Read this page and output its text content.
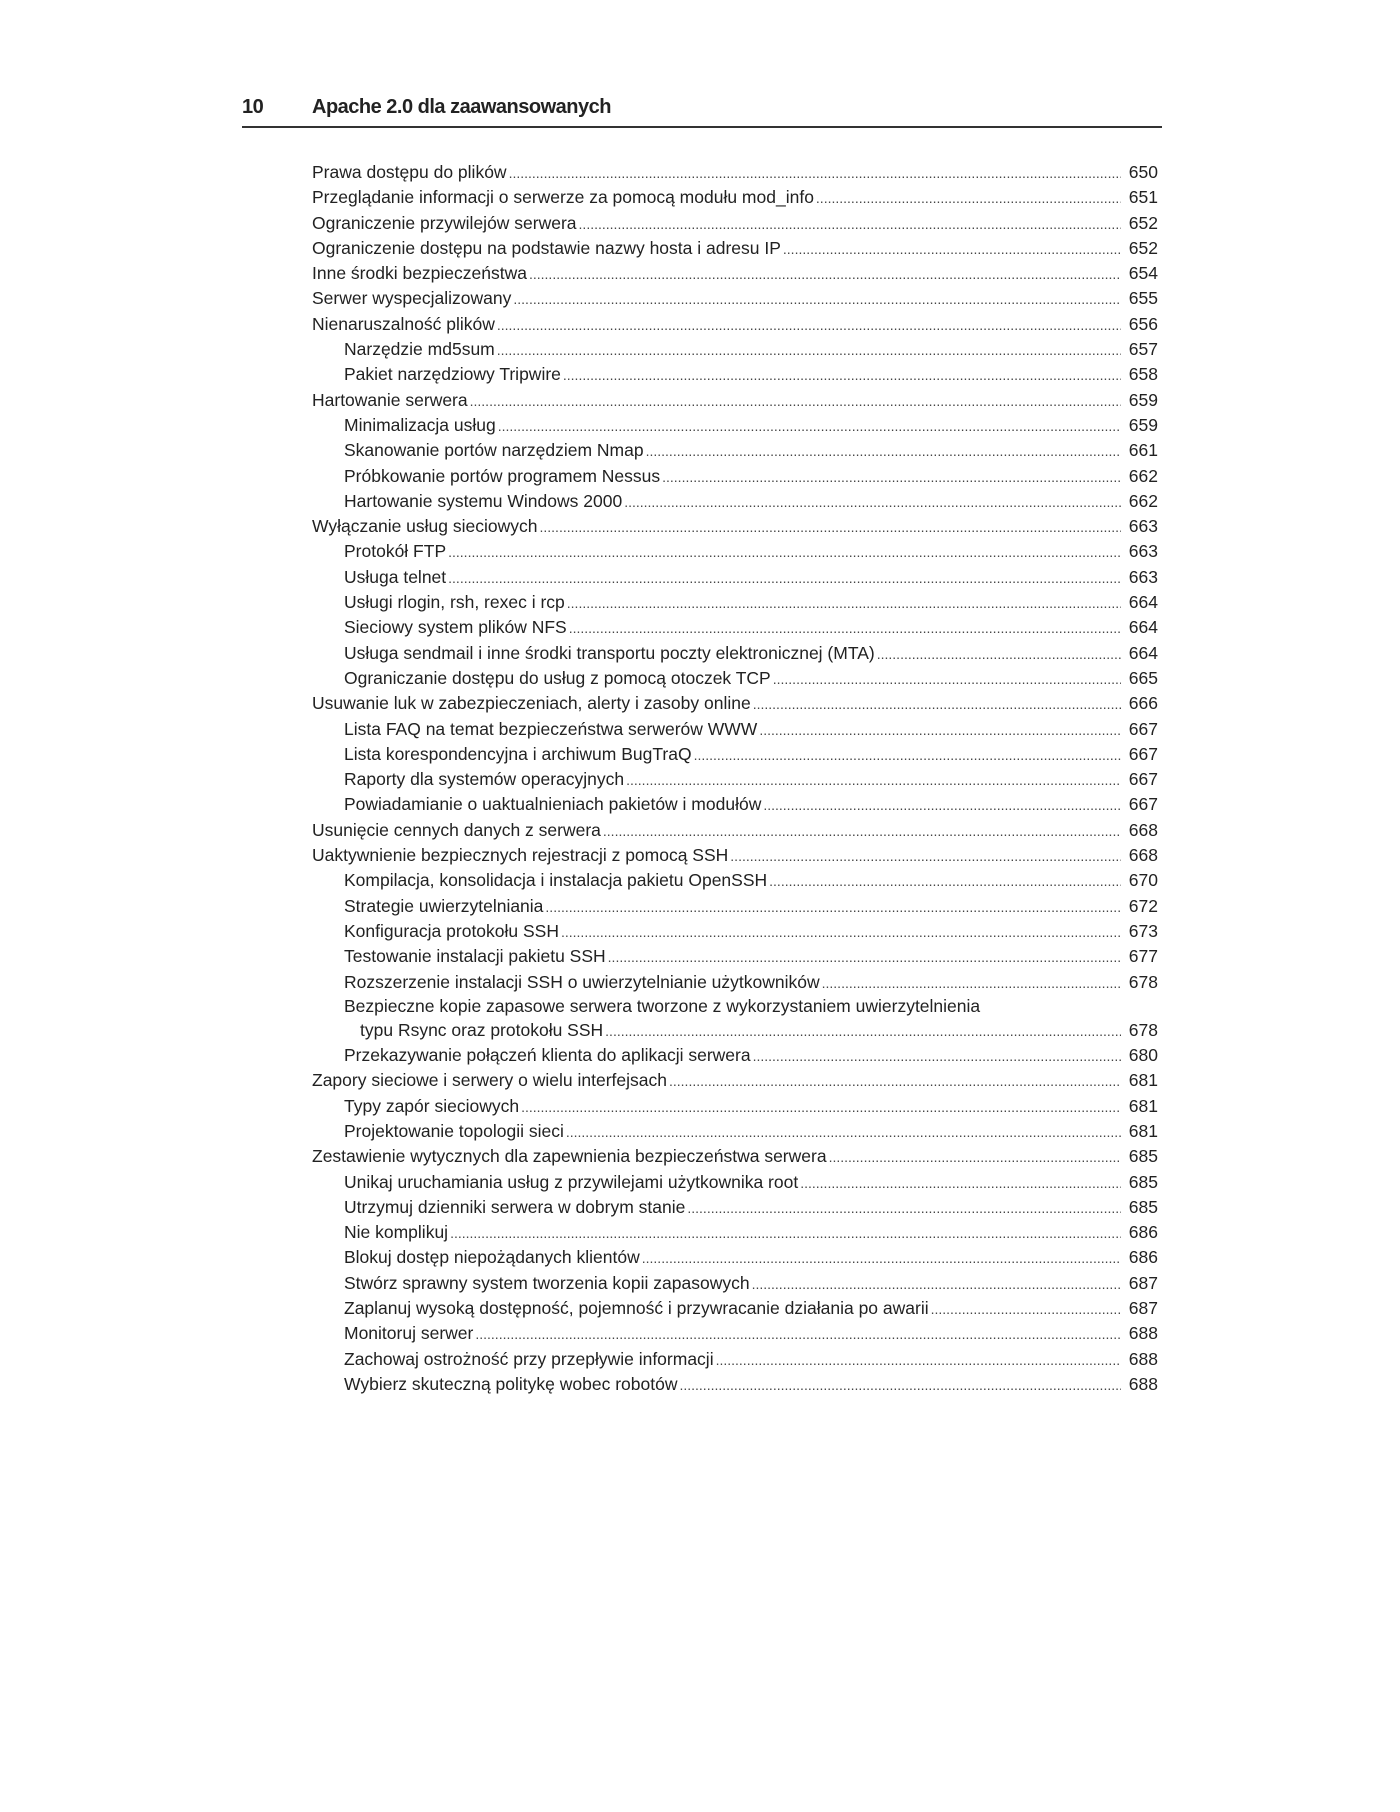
10 Apache 2.0 dla zaawansowanych
Prawa dostępu do plików .....	650
Przeglądanie informacji o serwerze za pomocą modułu mod_info .....	651
Ograniczenie przywilejów serwera .....	652
Ograniczenie dostępu na podstawie nazwy hosta i adresu IP .....	652
Inne środki bezpieczeństwa .....	654
Serwer wyspecjalizowany .....	655
Nienaruszalność plików .....	656
Narzędzie md5sum .....	657
Pakiet narzędziowy Tripwire .....	658
Hartowanie serwera .....	659
Minimalizacja usług .....	659
Skanowanie portów narzędziem Nmap .....	661
Próbkowanie portów programem Nessus .....	662
Hartowanie systemu Windows 2000 .....	662
Wyłączanie usług sieciowych .....	663
Protokół FTP .....	663
Usługa telnet .....	663
Usługi rlogin, rsh, rexec i rcp .....	664
Sieciowy system plików NFS .....	664
Usługa sendmail i inne środki transportu poczty elektronicznej (MTA) .....	664
Ograniczanie dostępu do usług z pomocą otoczek TCP .....	665
Usuwanie luk w zabezpieczeniach, alerty i zasoby online .....	666
Lista FAQ na temat bezpieczeństwa serwerów WWW .....	667
Lista korespondencyjna i archiwum BugTraQ .....	667
Raporty dla systemów operacyjnych .....	667
Powiadamianie o uaktualnieniach pakietów i modułów .....	667
Usunięcie cennych danych z serwera .....	668
Uaktywnienie bezpiecznych rejestracji z pomocą SSH .....	668
Kompilacja, konsolidacja i instalacja pakietu OpenSSH .....	670
Strategie uwierzytelniania .....	672
Konfiguracja protokołu SSH .....	673
Testowanie instalacji pakietu SSH .....	677
Rozszerzenie instalacji SSH o uwierzytelnianie użytkowników .....	678
Bezpieczne kopie zapasowe serwera tworzone z wykorzystaniem uwierzytelnienia
typu Rsync oraz protokołu SSH .....	678
Przekazywanie połączeń klienta do aplikacji serwera .....	680
Zapory sieciowe i serwery o wielu interfejsach .....	681
Typy zapór sieciowych .....	681
Projektowanie topologii sieci .....	681
Zestawienie wytycznych dla zapewnienia bezpieczeństwa serwera .....	685
Unikaj uruchamiania usług z przywilejami użytkownika root .....	685
Utrzymuj dzienniki serwera w dobrym stanie .....	685
Nie komplikuj .....	686
Blokuj dostęp niepożądanych klientów .....	686
Stwórz sprawny system tworzenia kopii zapasowych .....	687
Zaplanuj wysoką dostępność, pojemność i przywracanie działania po awarii .....	687
Monitoruj serwer .....	688
Zachowaj ostrożność przy przepływie informacji .....	688
Wybierz skuteczną politykę wobec robotów .....	688
